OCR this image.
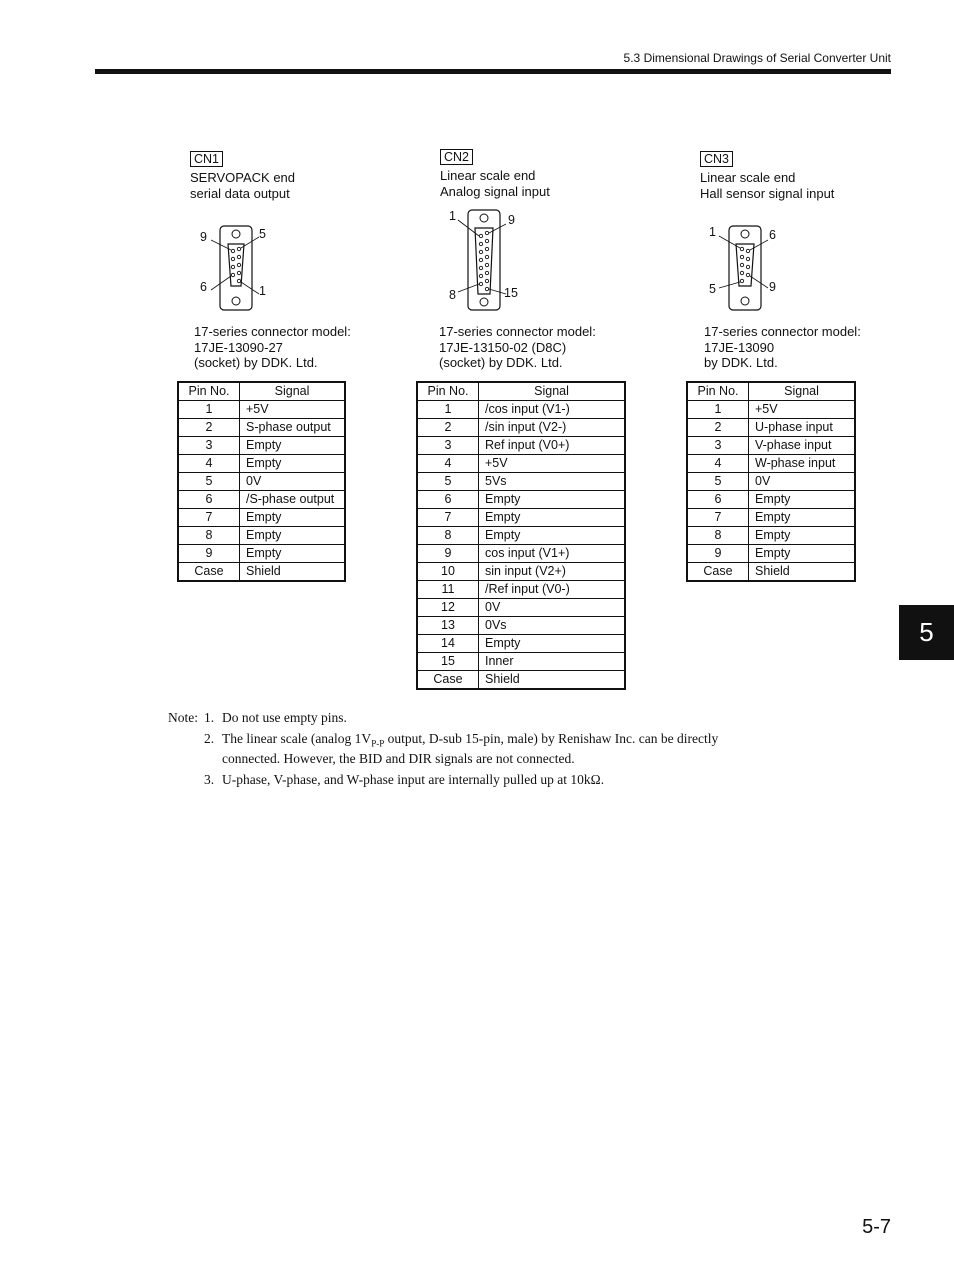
5.3 Dimensional Drawings of Serial Converter Unit
CN1
SERVOPACK end
serial data output
9	5
6	1
17-series connector model:
17JE-13090-27
(socket) by DDK. Ltd.
Pin No.	Signal
1	+5V
2	S-phase output
3	Empty
4	Empty
5	0V
6	/S-phase output
7	Empty
8	Empty
9	Empty
Case	Shield
CN2
Linear scale end
Analog signal input
1	9
8	15
17-series connector model:
17JE-13150-02 (D8C)
(socket) by DDK. Ltd.
Pin No.	Signal
1	/cos input (V1-)
2	/sin input (V2-)
3	Ref input (V0+)
4	+5V
5	5Vs
6	Empty
7	Empty
8	Empty
9	cos input (V1+)
10	sin input (V2+)
11	/Ref input (V0-)
12	0V
13	0Vs
14	Empty
15	Inner
Case	Shield
CN3
Linear scale end
Hall sensor signal input
1	6
5	9
17-series connector model:
17JE-13090
by DDK. Ltd.
Pin No.	Signal
1	+5V
2	U-phase input
3	V-phase input
4	W-phase input
5	0V
6	Empty
7	Empty
8	Empty
9	Empty
Case	Shield
Note: 1. Do not use empty pins.
2. The linear scale (analog $1V_{P-P}$ output, D-sub 15-pin, male) by Renishaw Inc. can be directly

connected. However, the BID and DIR signals are not connected.

3. U-phase, V-phase, and W-phase input are internally pulled up at 10kΩ.

5
5-7
